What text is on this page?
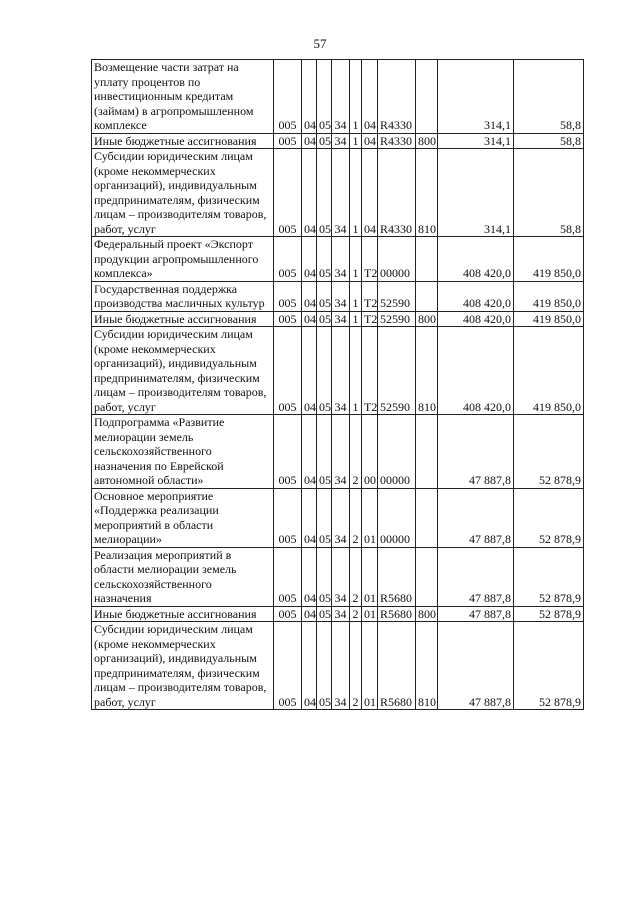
57
Возмещение части затрат на уплату процентов по инвестиционным кредитам (займам) в агропромышленном комплексе	005	04	05	34	1	04	R4330		314,1	58,8
Иные бюджетные ассигнования	005	04	05	34	1	04	R4330	800	314,1	58,8
Субсидии юридическим лицам (кроме некоммерческих организаций), индивидуальным предпринимателям, физическим лицам – производителям товаров, работ, услуг	005	04	05	34	1	04	R4330	810	314,1	58,8
Федеральный проект «Экспорт продукции агропромышленного комплекса»	005	04	05	34	1	T2	00000		408 420,0	419 850,0
Государственная поддержка производства масличных культур	005	04	05	34	1	T2	52590		408 420,0	419 850,0
Иные бюджетные ассигнования	005	04	05	34	1	T2	52590	800	408 420,0	419 850,0
Субсидии юридическим лицам (кроме некоммерческих организаций), индивидуальным предпринимателям, физическим лицам – производителям товаров, работ, услуг	005	04	05	34	1	T2	52590	810	408 420,0	419 850,0
Подпрограмма «Развитие мелиорации земель сельскохозяйственного назначения по Еврейской автономной области»	005	04	05	34	2	00	00000		47 887,8	52 878,9
Основное мероприятие «Поддержка реализации мероприятий в области мелиорации»	005	04	05	34	2	01	00000		47 887,8	52 878,9
Реализация мероприятий в области мелиорации земель сельскохозяйственного назначения	005	04	05	34	2	01	R5680		47 887,8	52 878,9
Иные бюджетные ассигнования	005	04	05	34	2	01	R5680	800	47 887,8	52 878,9
Субсидии юридическим лицам (кроме некоммерческих организаций), индивидуальным предпринимателям, физическим лицам – производителям товаров, работ, услуг	005	04	05	34	2	01	R5680	810	47 887,8	52 878,9
